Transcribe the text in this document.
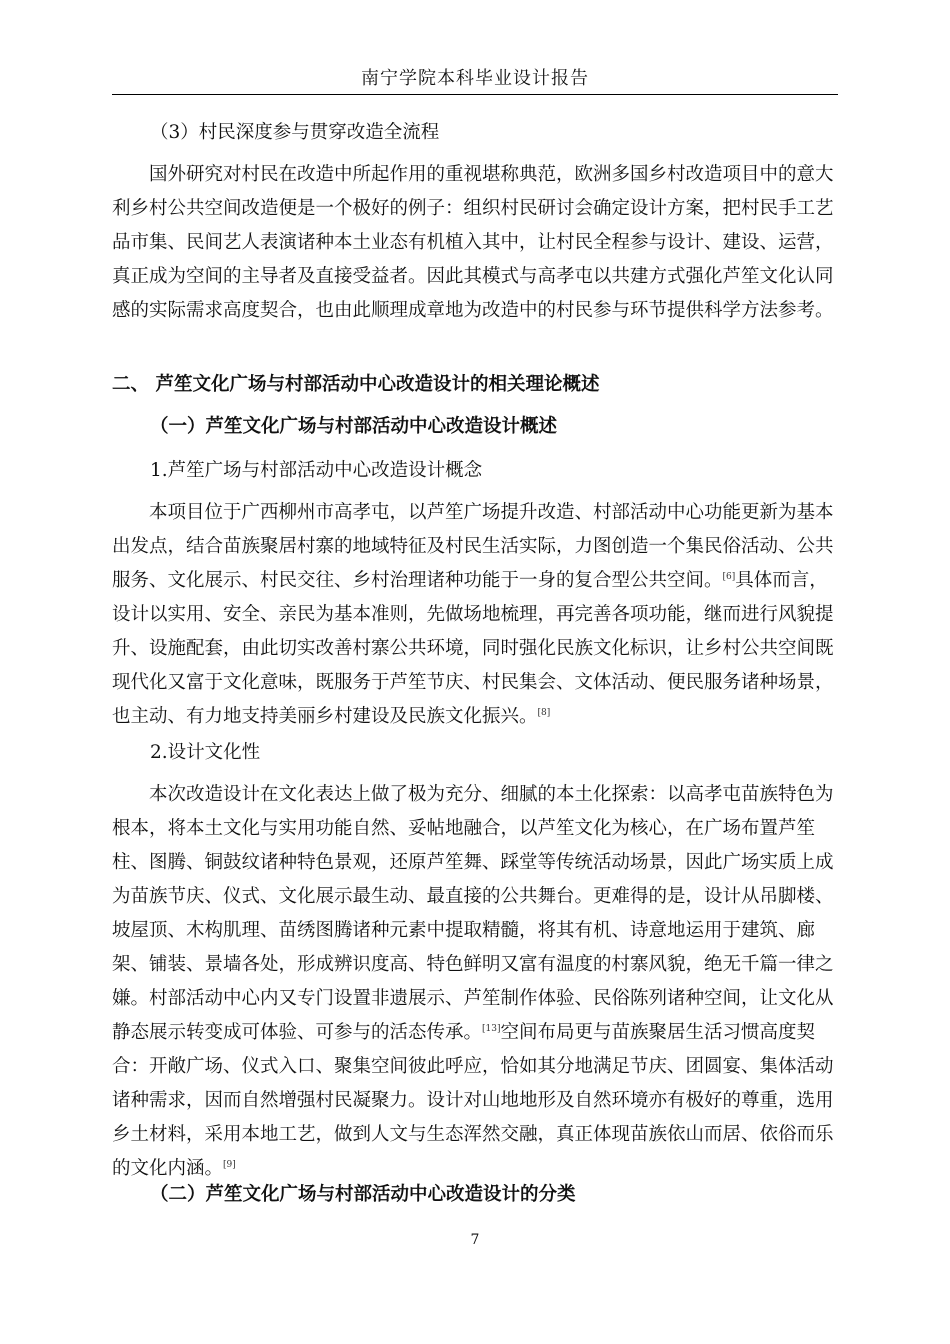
南宁学院本科毕业设计报告
（3）村民深度参与贯穿改造全流程
国外研究对村民在改造中所起作用的重视堪称典范，欧洲多国乡村改造项目中的意大利乡村公共空间改造便是一个极好的例子：组织村民研讨会确定设计方案，把村民手工艺品市集、民间艺人表演诸种本土业态有机植入其中，让村民全程参与设计、建设、运营，真正成为空间的主导者及直接受益者。因此其模式与高孝屯以共建方式强化芦笙文化认同感的实际需求高度契合，也由此顺理成章地为改造中的村民参与环节提供科学方法参考。
二、 芦笙文化广场与村部活动中心改造设计的相关理论概述
（一）芦笙文化广场与村部活动中心改造设计概述
1.芦笙广场与村部活动中心改造设计概念
本项目位于广西柳州市高孝屯，以芦笙广场提升改造、村部活动中心功能更新为基本出发点，结合苗族聚居村寨的地域特征及村民生活实际，力图创造一个集民俗活动、公共服务、文化展示、村民交往、乡村治理诸种功能于一身的复合型公共空间。[6]具体而言，设计以实用、安全、亲民为基本准则，先做场地梳理，再完善各项功能，继而进行风貌提升、设施配套，由此切实改善村寨公共环境，同时强化民族文化标识，让乡村公共空间既现代化又富于文化意味，既服务于芦笙节庆、村民集会、文体活动、便民服务诸种场景，也主动、有力地支持美丽乡村建设及民族文化振兴。[8]
2.设计文化性
本次改造设计在文化表达上做了极为充分、细腻的本土化探索：以高孝屯苗族特色为根本，将本土文化与实用功能自然、妥帖地融合，以芦笙文化为核心，在广场布置芦笙柱、图腾、铜鼓纹诸种特色景观，还原芦笙舞、踩堂等传统活动场景，因此广场实质上成为苗族节庆、仪式、文化展示最生动、最直接的公共舞台。更难得的是，设计从吊脚楼、坡屋顶、木构肌理、苗绣图腾诸种元素中提取精髓，将其有机、诗意地运用于建筑、廊架、铺装、景墙各处，形成辨识度高、特色鲜明又富有温度的村寨风貌，绝无千篇一律之嫌。村部活动中心内又专门设置非遗展示、芦笙制作体验、民俗陈列诸种空间，让文化从静态展示转变成可体验、可参与的活态传承。[13]空间布局更与苗族聚居生活习惯高度契合：开敞广场、仪式入口、聚集空间彼此呼应，恰如其分地满足节庆、团圆宴、集体活动诸种需求，因而自然增强村民凝聚力。设计对山地地形及自然环境亦有极好的尊重，选用乡土材料，采用本地工艺，做到人文与生态浑然交融，真正体现苗族依山而居、依俗而乐的文化内涵。[9]
（二）芦笙文化广场与村部活动中心改造设计的分类
7
